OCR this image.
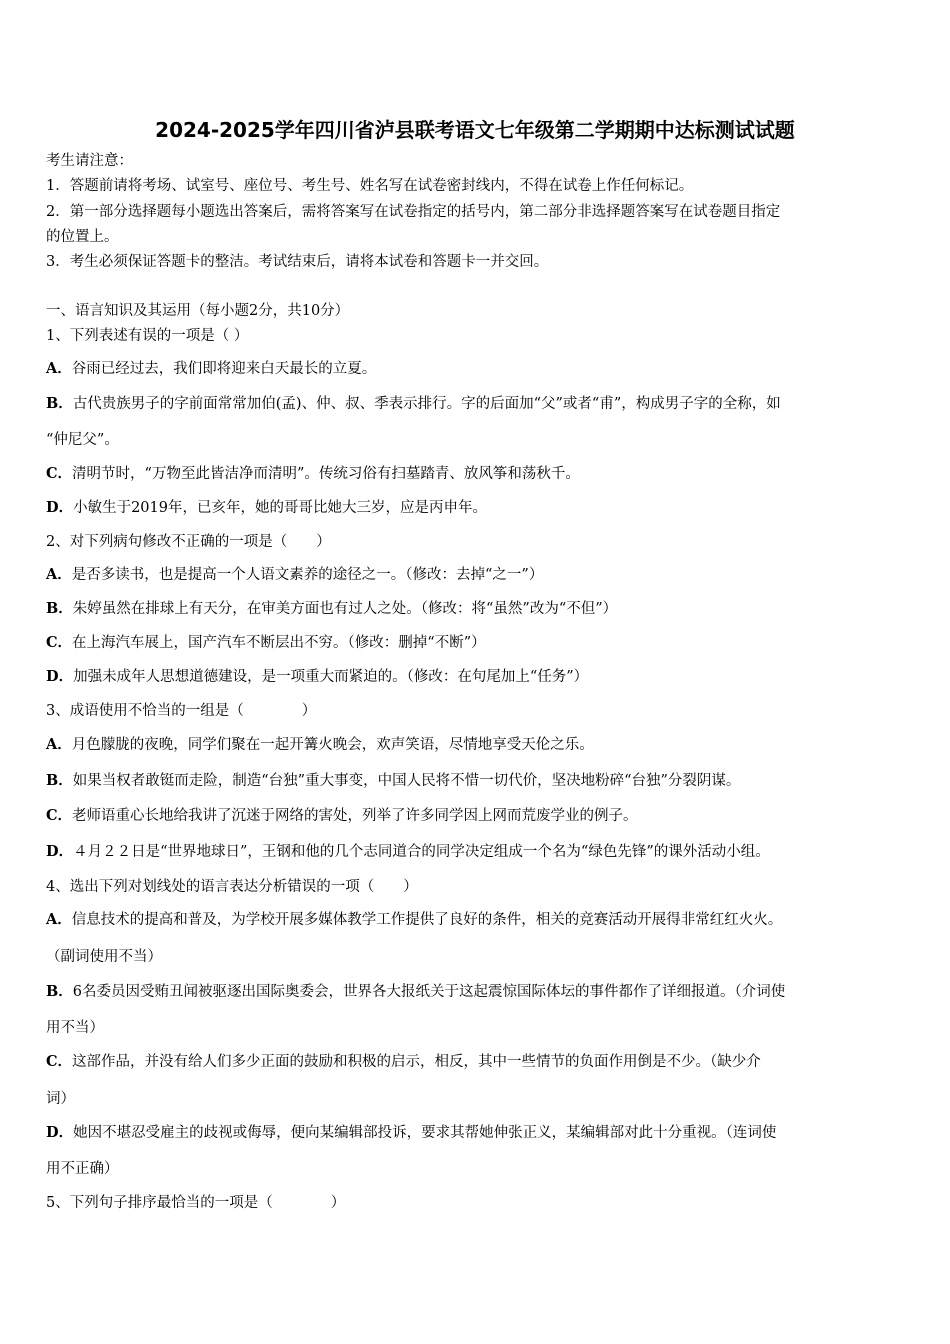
2024-2025学年四川省泸县联考语文七年级第二学期期中达标测试试题
考生请注意：
1．答题前请将考场、试室号、座位号、考生号、姓名写在试卷密封线内，不得在试卷上作任何标记。
2．第一部分选择题每小题选出答案后，需将答案写在试卷指定的括号内，第二部分非选择题答案写在试卷题目指定
的位置上。
3．考生必须保证答题卡的整洁。考试结束后，请将本试卷和答题卡一并交回。
一、语言知识及其运用（每小题2分，共10分）
1、下列表述有误的一项是（ ）
A．谷雨已经过去，我们即将迎来白天最长的立夏。
B．古代贵族男子的字前面常常加伯(孟)、仲、叔、季表示排行。字的后面加“父”或者“甫”，构成男子字的全称，如
“仲尼父”。
C．清明节时，“万物至此皆洁净而清明”。传统习俗有扫墓踏青、放风筝和荡秋千。
D．小敏生于2019年，已亥年，她的哥哥比她大三岁，应是丙申年。
2、对下列病句修改不正确的一项是（　　）
A．是否多读书，也是提高一个人语文素养的途径之一。（修改：去掉“之一”）
B．朱婷虽然在排球上有天分，在审美方面也有过人之处。（修改：将“虽然”改为“不但”）
C．在上海汽车展上，国产汽车不断层出不穷。（修改：删掉“不断”）
D．加强未成年人思想道德建设，是一项重大而紧迫的。（修改：在句尾加上“任务”）
3、成语使用不恰当的一组是（　　　　）
A．月色朦胧的夜晚，同学们聚在一起开篝火晚会，欢声笑语，尽情地享受天伦之乐。
B．如果当权者敢铤而走险，制造“台独”重大事变，中国人民将不惜一切代价，坚决地粉碎“台独”分裂阴谋。
C．老师语重心长地给我讲了沉迷于网络的害处，列举了许多同学因上网而荒废学业的例子。
D．４月２２日是“世界地球日”，王钢和他的几个志同道合的同学决定组成一个名为“绿色先锋”的课外活动小组。
4、选出下列对划线处的语言表达分析错误的一项（　　）
A．信息技术的提高和普及，为学校开展多媒体教学工作提供了良好的条件，相关的竞赛活动开展得非常红红火火。
（副词使用不当）
B．6名委员因受贿丑闻被驱逐出国际奥委会，世界各大报纸关于这起震惊国际体坛的事件都作了详细报道。（介词使
用不当）
C．这部作品，并没有给人们多少正面的鼓励和积极的启示，相反，其中一些情节的负面作用倒是不少。（缺少介
词）
D．她因不堪忍受雇主的歧视或侮辱，便向某编辑部投诉，要求其帮她伸张正义，某编辑部对此十分重视。（连词使
用不正确）
5、下列句子排序最恰当的一项是（　　　　）
